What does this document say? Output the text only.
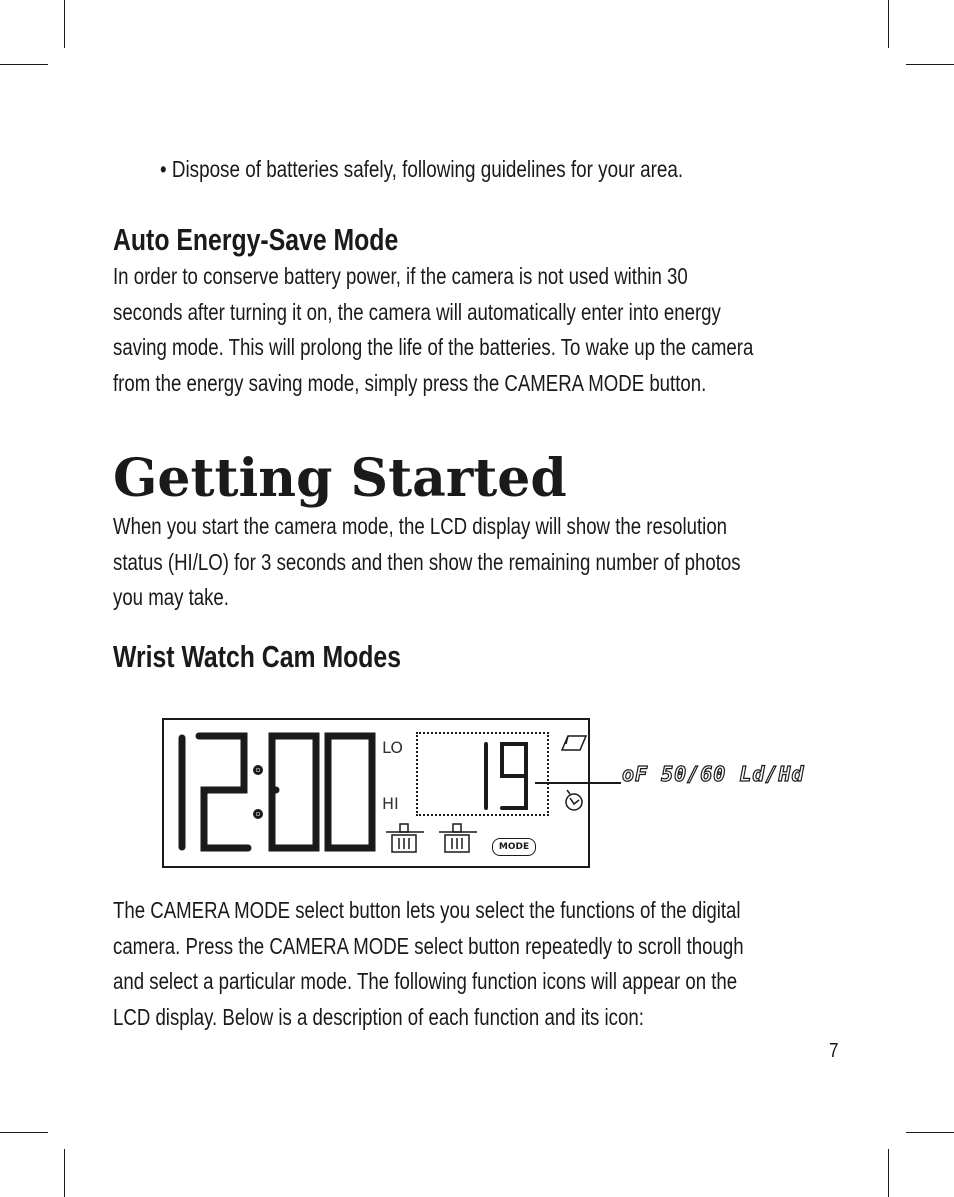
• Dispose of batteries safely, following guidelines for your area.
Auto Energy-Save Mode

In order to conserve battery power, if the camera is not used within 30

seconds after turning it on, the camera will automatically enter into energy

saving mode. This will prolong the life of the batteries. To wake up the camera

from the energy saving mode, simply press the CAMERA MODE button.

Getting Started

When you start the camera mode, the LCD display will show the resolution

status (HI/LO) for 3 seconds and then show the remaining number of photos

you may take.

Wrist Watch Cam Modes
LO
HI
MODE
oF 50/60 Ld/Hd

The CAMERA MODE select button lets you select the functions of the digital

camera. Press the CAMERA MODE select button repeatedly to scroll though

and select a particular mode. The following function icons will appear on the

LCD display. Below is a description of each function and its icon:

7
